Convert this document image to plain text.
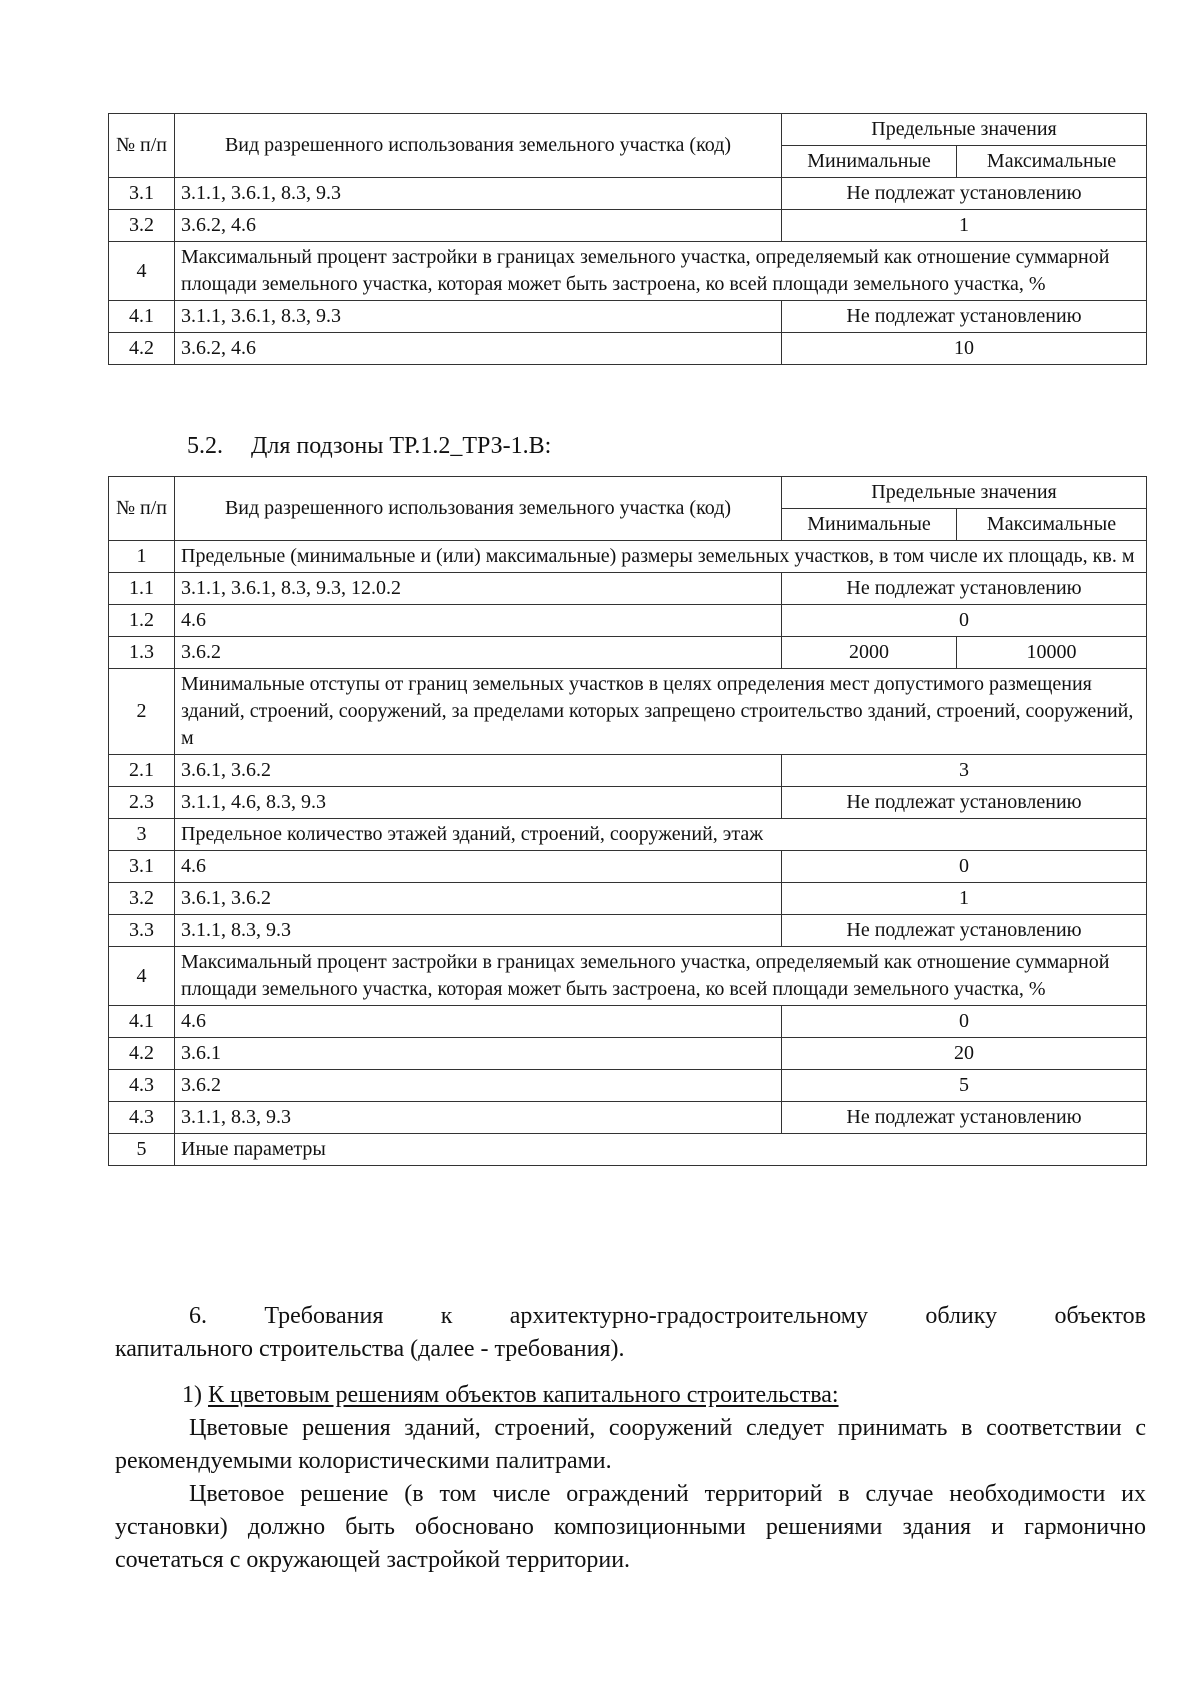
№ п/п	Вид разрешенного использования земельного участка (код)	Предельные значения	
		Минимальные	Максимальные
3.1	3.1.1, 3.6.1, 8.3, 9.3	Не подлежат установлению	
3.2	3.6.2, 4.6	1	
4	Максимальный процент застройки в границах земельного участка, определяемый как отношение суммарной площади земельного участка, которая может быть застроена, ко всей площади земельного участка, %		
4.1	3.1.1, 3.6.1, 8.3, 9.3	Не подлежат установлению	
4.2	3.6.2, 4.6	10	
5.2. Для подзоны ТР.1.2_ТРЗ-1.В:
№ п/п	Вид разрешенного использования земельного участка (код)	Предельные значения	
		Минимальные	Максимальные
1	Предельные (минимальные и (или) максимальные) размеры земельных участков, в том числе их площадь, кв. м		
1.1	3.1.1, 3.6.1, 8.3, 9.3, 12.0.2	Не подлежат установлению	
1.2	4.6	0	
1.3	3.6.2	2000	10000
2	Минимальные отступы от границ земельных участков в целях определения мест допустимого размещения зданий, строений, сооружений, за пределами которых запрещено строительство зданий, строений, сооружений, м		
2.1	3.6.1, 3.6.2	3	
2.3	3.1.1, 4.6, 8.3, 9.3	Не подлежат установлению	
3	Предельное количество этажей зданий, строений, сооружений, этаж		
3.1	4.6	0	
3.2	3.6.1, 3.6.2	1	
3.3	3.1.1, 8.3, 9.3	Не подлежат установлению	
4	Максимальный процент застройки в границах земельного участка, определяемый как отношение суммарной площади земельного участка, которая может быть застроена, ко всей площади земельного участка, %		
4.1	4.6	0	
4.2	3.6.1	20	
4.3	3.6.2	5	
4.3	3.1.1, 8.3, 9.3	Не подлежат установлению	
5	Иные параметры		
6. Требования к архитектурно-градостроительному облику объектов
капитального строительства (далее - требования).
1) К цветовым решениям объектов капитального строительства:
Цветовые решения зданий, строений, сооружений следует принимать в соответствии с рекомендуемыми колористическими палитрами.
Цветовое решение (в том числе ограждений территорий в случае необходимости их установки) должно быть обосновано композиционными решениями здания и гармонично сочетаться с окружающей застройкой территории.
